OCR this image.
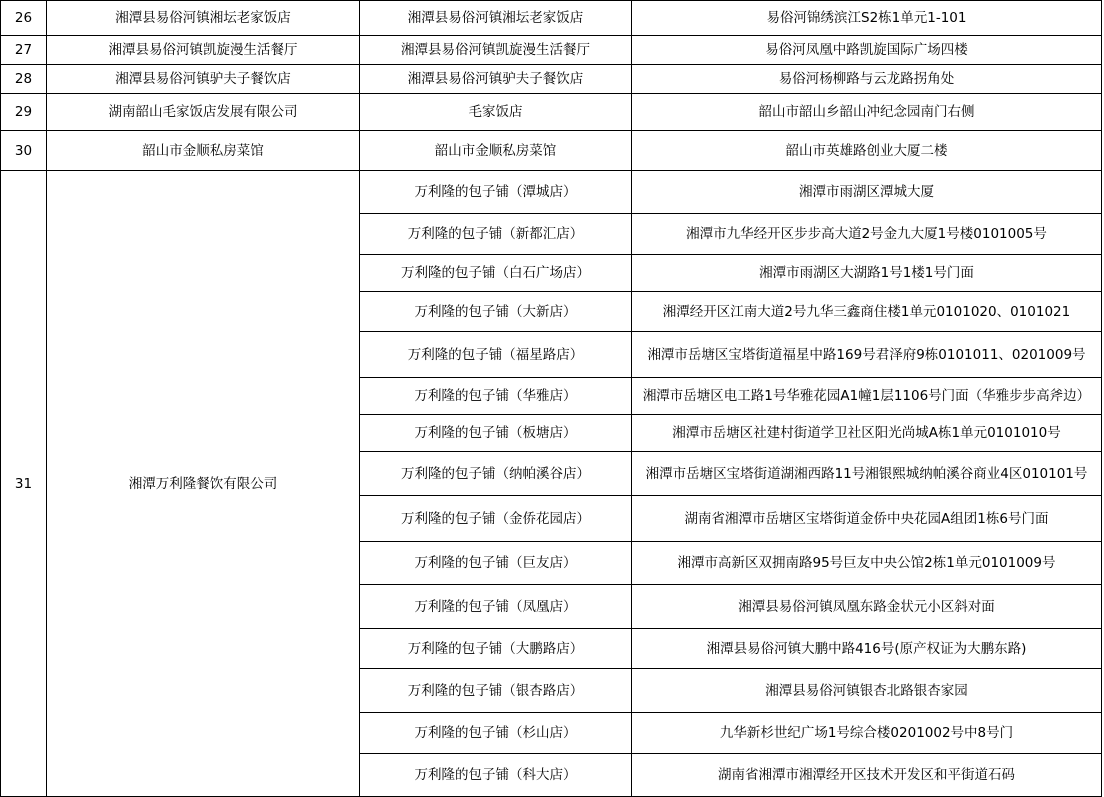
26	湘潭县易俗河镇湘坛老家饭店	湘潭县易俗河镇湘坛老家饭店	易俗河锦绣滨江S2栋1单元1-101
27	湘潭县易俗河镇凯旋漫生活餐厅	湘潭县易俗河镇凯旋漫生活餐厅	易俗河凤凰中路凯旋国际广场四楼
28	湘潭县易俗河镇驴夫子餐饮店	湘潭县易俗河镇驴夫子餐饮店	易俗河杨柳路与云龙路拐角处
29	湖南韶山毛家饭店发展有限公司	毛家饭店	韶山市韶山乡韶山冲纪念园南门右侧
30	韶山市金顺私房菜馆	韶山市金顺私房菜馆	韶山市英雄路创业大厦二楼
31	湘潭万利隆餐饮有限公司	万利隆的包子铺（潭城店）	湘潭市雨湖区潭城大厦
		万利隆的包子铺（新都汇店）	湘潭市九华经开区步步高大道2号金九大厦1号楼0101005号
		万利隆的包子铺（白石广场店）	湘潭市雨湖区大湖路1号1楼1号门面
		万利隆的包子铺（大新店）	湘潭经开区江南大道2号九华三鑫商住楼1单元0101020、0101021
		万利隆的包子铺（福星路店）	湘潭市岳塘区宝塔街道福星中路169号君泽府9栋0101011、0201009号
		万利隆的包子铺（华雅店）	湘潭市岳塘区电工路1号华雅花园A1幢1层1106号门面（华雅步步高斧边）
		万利隆的包子铺（板塘店）	湘潭市岳塘区社建村街道学卫社区阳光尚城A栋1单元0101010号
		万利隆的包子铺（纳帕溪谷店）	湘潭市岳塘区宝塔街道湖湘西路11号湘银熙城纳帕溪谷商业4区010101号
		万利隆的包子铺（金侨花园店）	湖南省湘潭市岳塘区宝塔街道金侨中央花园A组团1栋6号门面
		万利隆的包子铺（巨友店）	湘潭市高新区双拥南路95号巨友中央公馆2栋1单元0101009号
		万利隆的包子铺（凤凰店）	湘潭县易俗河镇凤凰东路金状元小区斜对面
		万利隆的包子铺（大鹏路店）	湘潭县易俗河镇大鹏中路416号(原产权证为大鹏东路)
		万利隆的包子铺（银杏路店）	湘潭县易俗河镇银杏北路银杏家园
		万利隆的包子铺（杉山店）	九华新杉世纪广场1号综合楼0201002号中8号门
		万利隆的包子铺（科大店）	湖南省湘潭市湘潭经开区技术开发区和平街道石码
